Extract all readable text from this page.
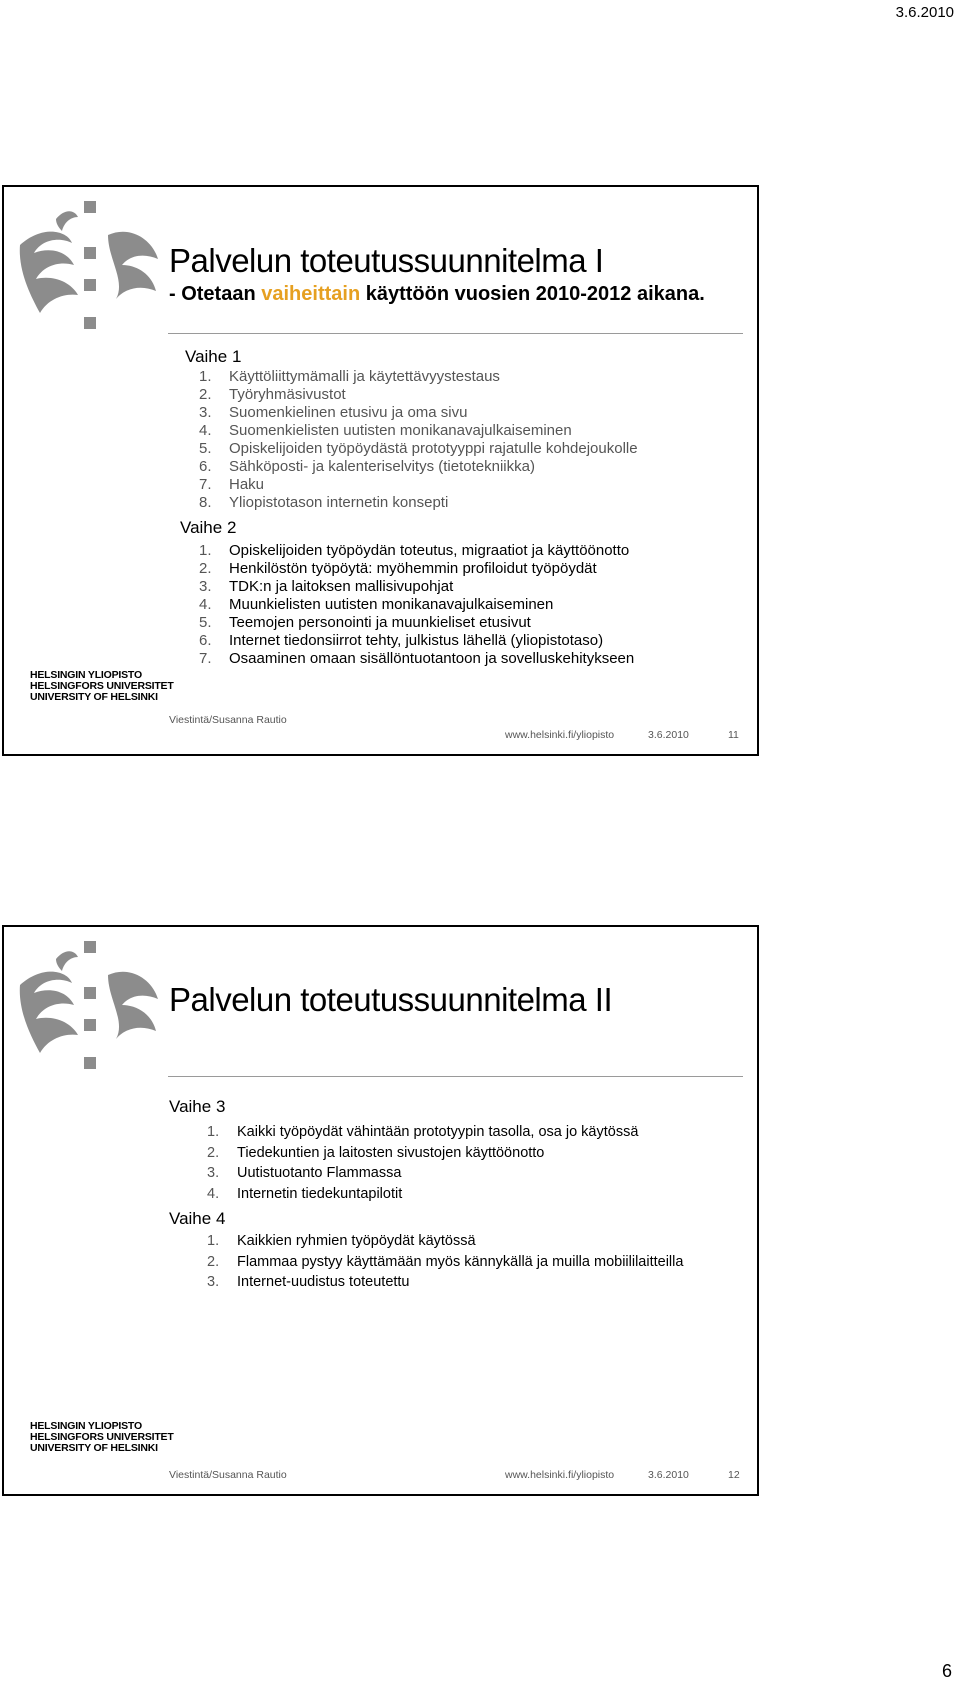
3.6.2010
Palvelun toteutussuunnitelma I
- Otetaan vaiheittain käyttöön vuosien 2010-2012 aikana.
Vaihe 1
1. Käyttöliittymämalli ja käytettävyystestaus
2. Työryhmäsivustot
3. Suomenkielinen etusivu ja oma sivu
4. Suomenkielisten uutisten monikanavajulkaiseminen
5. Opiskelijoiden työpöydästä prototyyppi rajatulle kohdejoukolle
6. Sähköposti- ja kalenteriselvitys (tietotekniikka)
7. Haku
8. Yliopistotason internetin konsepti
Vaihe 2
1. Opiskelijoiden työpöydän toteutus, migraatiot ja käyttöönotto
2. Henkilöstön työpöytä: myöhemmin profiloidut työpöydät
3. TDK:n ja laitoksen mallisivupohjat
4. Muunkielisten uutisten monikanavajulkaiseminen
5. Teemojen personointi ja muunkieliset etusivut
6. Internet tiedonsiirrot tehty, julkistus lähellä (yliopistotaso)
7. Osaaminen omaan sisällöntuotantoon ja sovelluskehitykseen
HELSINGIN YLIOPISTO
HELSINGFORS UNIVERSITET
UNIVERSITY OF HELSINKI
Viestintä/Susanna Rautio
www.helsinki.fi/yliopisto	3.6.2010	11
Palvelun toteutussuunnitelma II
Vaihe 3
1. Kaikki työpöydät vähintään prototyypin tasolla, osa jo käytössä
2. Tiedekuntien ja laitosten sivustojen käyttöönotto
3. Uutistuotanto Flammassa
4. Internetin tiedekuntapilotit
Vaihe 4
1. Kaikkien ryhmien työpöydät käytössä
2. Flammaa pystyy käyttämään myös kännykällä ja muilla mobiililaitteilla
3. Internet-uudistus toteutettu
HELSINGIN YLIOPISTO
HELSINGFORS UNIVERSITET
UNIVERSITY OF HELSINKI
Viestintä/Susanna Rautio	www.helsinki.fi/yliopisto	3.6.2010	12
6
